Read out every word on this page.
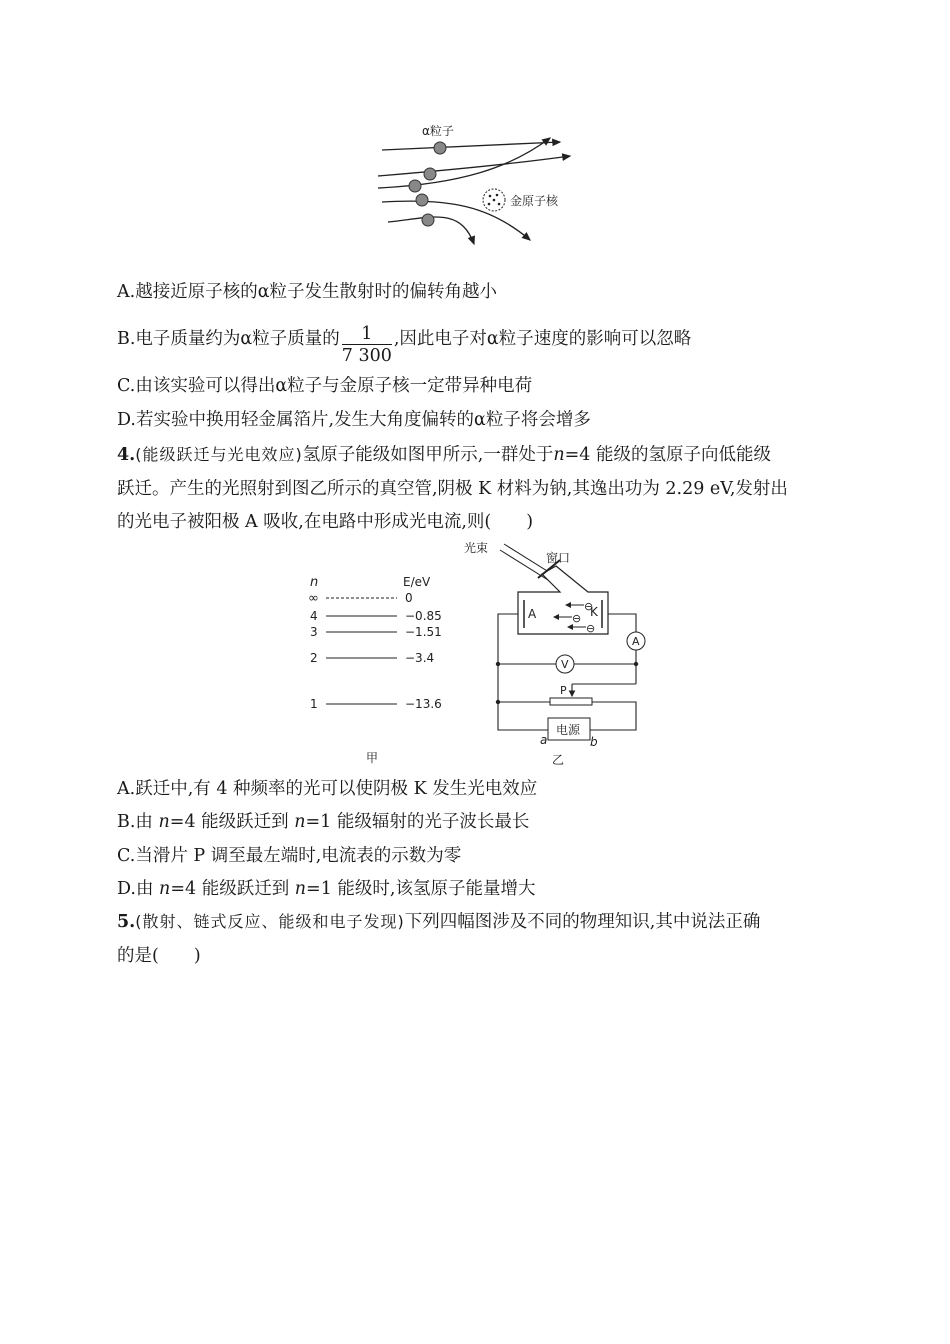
α粒子
金原子核
A.越接近原子核的α粒子发生散射时的偏转角越小
B.电子质量约为α粒子质量的 $\frac{1}{7 300}$ ,因此电子对α粒子速度的影响可以忽略
C.由该实验可以得出α粒子与金原子核一定带异种电荷
D.若实验中换用轻金属箔片,发生大角度偏转的α粒子将会增多
4.(能级跃迁与光电效应)氢原子能级如图甲所示,一群处于n=4 能级的氢原子向低能级
跃迁。产生的光照射到图乙所示的真空管,阴极 K 材料为钠,其逸出功为 2.29 eV,发射出
的光电子被阳极 A 吸收,在电路中形成光电流,则(　　)
n	E/eV
∞	0
4	−0.85
3	−1.51
2	−3.4
1	−13.6
甲
光束
窗口
A	K
⊖
⊖
⊖
A
V
P
电源
a	b
乙
A.跃迁中,有 4 种频率的光可以使阴极 K 发生光电效应
B.由 n=4 能级跃迁到 n=1 能级辐射的光子波长最长
C.当滑片 P 调至最左端时,电流表的示数为零
D.由 n=4 能级跃迁到 n=1 能级时,该氢原子能量增大
5.(散射、链式反应、能级和电子发现)下列四幅图涉及不同的物理知识,其中说法正确
的是(　　)
